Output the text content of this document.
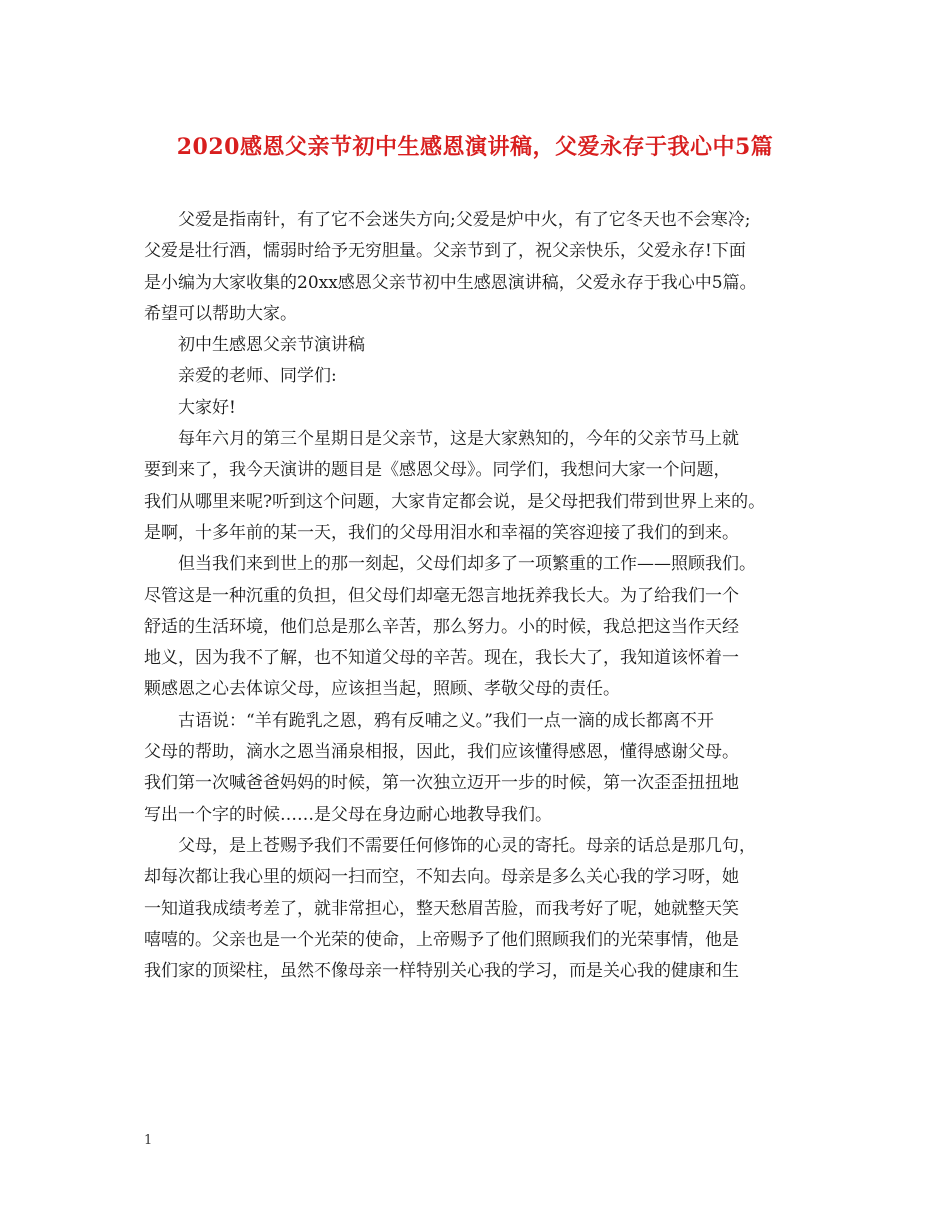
2020感恩父亲节初中生感恩演讲稿，父爱永存于我心中5篇
父爱是指南针，有了它不会迷失方向;父爱是炉中火，有了它冬天也不会寒冷;
父爱是壮行酒，懦弱时给予无穷胆量。父亲节到了，祝父亲快乐，父爱永存!下面
是小编为大家收集的20xx感恩父亲节初中生感恩演讲稿，父爱永存于我心中5篇。
希望可以帮助大家。
初中生感恩父亲节演讲稿
亲爱的老师、同学们:
大家好!
每年六月的第三个星期日是父亲节，这是大家熟知的，今年的父亲节马上就
要到来了，我今天演讲的题目是《感恩父母》。同学们，我想问大家一个问题，
我们从哪里来呢?听到这个问题，大家肯定都会说，是父母把我们带到世界上来的。
是啊，十多年前的某一天，我们的父母用泪水和幸福的笑容迎接了我们的到来。
但当我们来到世上的那一刻起，父母们却多了一项繁重的工作——照顾我们。
尽管这是一种沉重的负担，但父母们却毫无怨言地抚养我长大。为了给我们一个
舒适的生活环境，他们总是那么辛苦，那么努力。小的时候，我总把这当作天经
地义，因为我不了解，也不知道父母的辛苦。现在，我长大了，我知道该怀着一
颗感恩之心去体谅父母，应该担当起，照顾、孝敬父母的责任。
古语说：“羊有跪乳之恩，鸦有反哺之义。”我们一点一滴的成长都离不开
父母的帮助，滴水之恩当涌泉相报，因此，我们应该懂得感恩，懂得感谢父母。
我们第一次喊爸爸妈妈的时候，第一次独立迈开一步的时候，第一次歪歪扭扭地
写出一个字的时候……是父母在身边耐心地教导我们。
父母，是上苍赐予我们不需要任何修饰的心灵的寄托。母亲的话总是那几句，
却每次都让我心里的烦闷一扫而空，不知去向。母亲是多么关心我的学习呀，她
一知道我成绩考差了，就非常担心，整天愁眉苦脸，而我考好了呢，她就整天笑
嘻嘻的。父亲也是一个光荣的使命，上帝赐予了他们照顾我们的光荣事情，他是
我们家的顶梁柱，虽然不像母亲一样特别关心我的学习，而是关心我的健康和生
1
